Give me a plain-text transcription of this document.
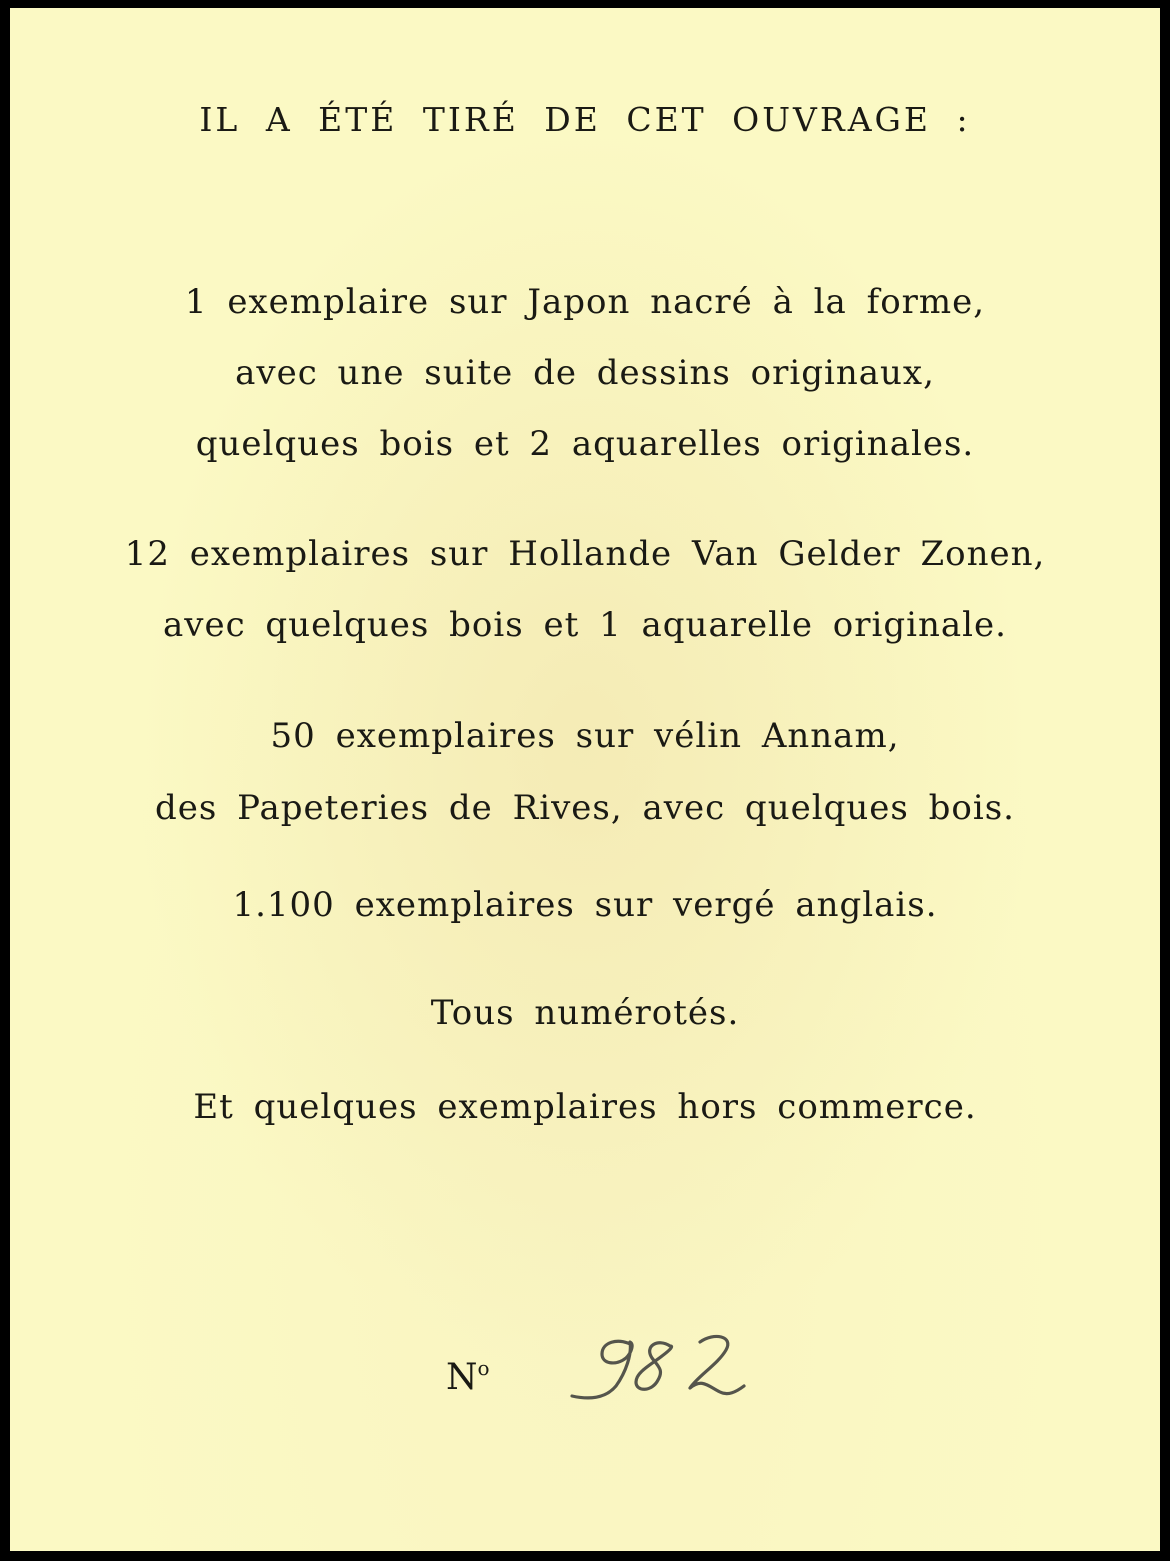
IL A ÉTÉ TIRÉ DE CET OUVRAGE :
1 exemplaire sur Japon nacré à la forme,
avec une suite de dessins originaux,
quelques bois et 2 aquarelles originales.
12 exemplaires sur Hollande Van Gelder Zonen,
avec quelques bois et 1 aquarelle originale.
50 exemplaires sur vélin Annam,
des Papeteries de Rives, avec quelques bois.
1.100 exemplaires sur vergé anglais.
Tous numérotés.
Et quelques exemplaires hors commerce.
$N^o$
